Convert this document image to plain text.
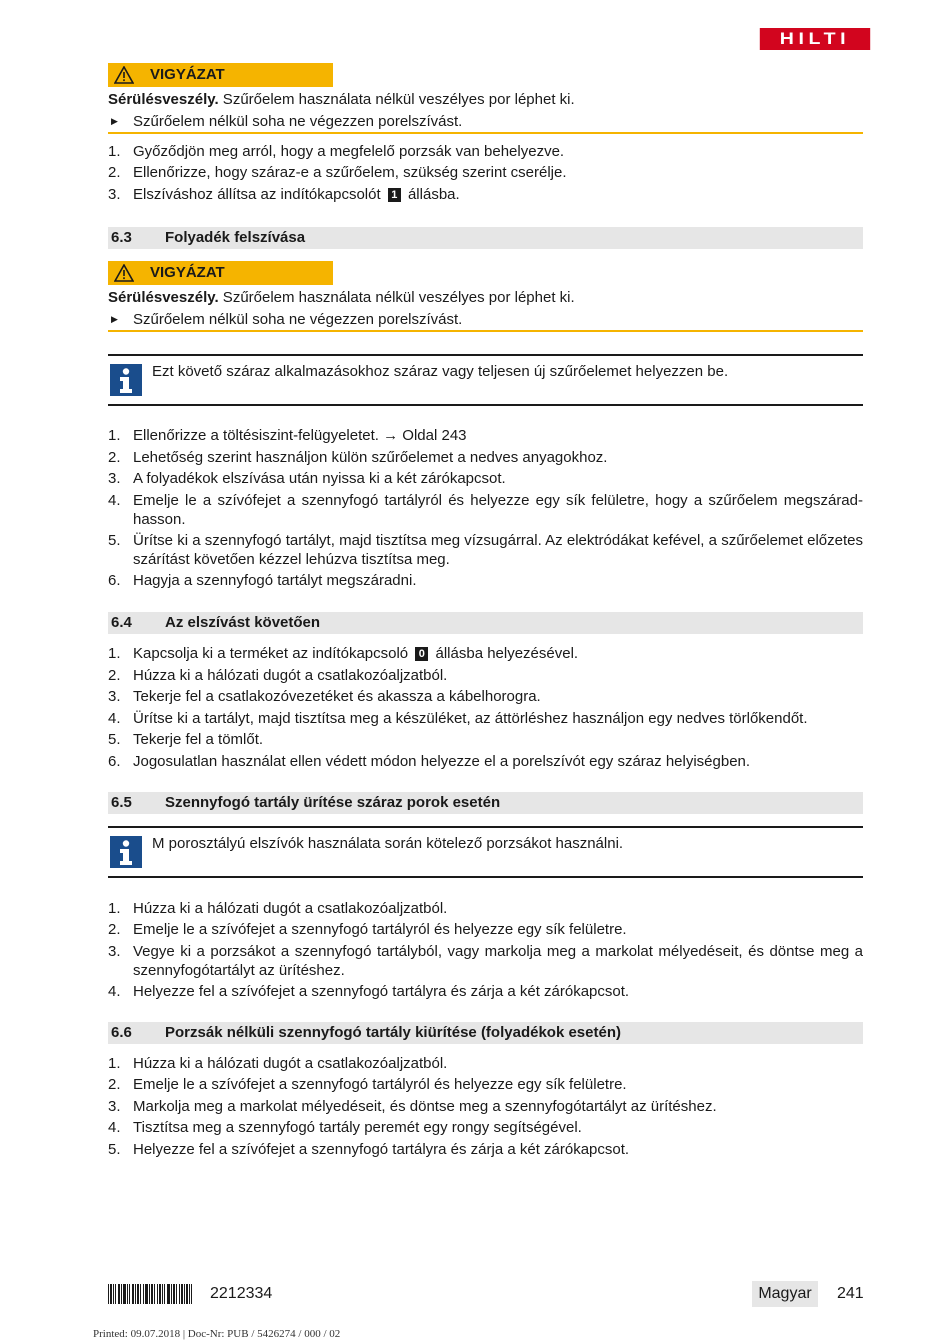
HILTI
VIGYÁZAT
Sérülésveszély. Szűrőelem használata nélkül veszélyes por léphet ki.
▶ Szűrőelem nélkül soha ne végezzen porelszívást.
1. Győződjön meg arról, hogy a megfelelő porzsák van behelyezve.
2. Ellenőrizze, hogy száraz-e a szűrőelem, szükség szerint cserélje.
3. Elszíváshoz állítsa az indítókapcsolót 1 állásba.
6.3 Folyadék felszívása
VIGYÁZAT
Sérülésveszély. Szűrőelem használata nélkül veszélyes por léphet ki.
▶ Szűrőelem nélkül soha ne végezzen porelszívást.
Ezt követő száraz alkalmazásokhoz száraz vagy teljesen új szűrőelemet helyezzen be.
1. Ellenőrizze a töltésiszint-felügyeletet. → Oldal 243
2. Lehetőség szerint használjon külön szűrőelemet a nedves anyagokhoz.
3. A folyadékok elszívása után nyissa ki a két zárókapcsot.
4. Emelje le a szívófejet a szennyfogó tartályról és helyezze egy sík felületre, hogy a szűrőelem megszárad-hasson.
5. Ürítse ki a szennyfogó tartályt, majd tisztítsa meg vízsugárral. Az elektródákat kefével, a szűrőelemet előzetes szárítást követően kézzel lehúzva tisztítsa meg.
6. Hagyja a szennyfogó tartályt megszáradni.
6.4 Az elszívást követően
1. Kapcsolja ki a terméket az indítókapcsoló 0 állásba helyezésével.
2. Húzza ki a hálózati dugót a csatlakozóaljzatból.
3. Tekerje fel a csatlakozóvezetéket és akassza a kábelhorogra.
4. Ürítse ki a tartályt, majd tisztítsa meg a készüléket, az áttörléshez használjon egy nedves törlőkendőt.
5. Tekerje fel a tömlőt.
6. Jogosulatlan használat ellen védett módon helyezze el a porelszívót egy száraz helyiségben.
6.5 Szennyfogó tartály ürítése száraz porok esetén
M porosztályú elszívók használata során kötelező porzsákot használni.
1. Húzza ki a hálózati dugót a csatlakozóaljzatból.
2. Emelje le a szívófejet a szennyfogó tartályról és helyezze egy sík felületre.
3. Vegye ki a porzsákot a szennyfogó tartályból, vagy markolja meg a markolat mélyedéseit, és döntse meg a szennyfogótartályt az ürítéshez.
4. Helyezze fel a szívófejet a szennyfogó tartályra és zárja a két zárókapcsot.
6.6 Porzsák nélküli szennyfogó tartály kiürítése (folyadékok esetén)
1. Húzza ki a hálózati dugót a csatlakozóaljzatból.
2. Emelje le a szívófejet a szennyfogó tartályról és helyezze egy sík felületre.
3. Markolja meg a markolat mélyedéseit, és döntse meg a szennyfogótartályt az ürítéshez.
4. Tisztítsa meg a szennyfogó tartály peremét egy rongy segítségével.
5. Helyezze fel a szívófejet a szennyfogó tartályra és zárja a két zárókapcsot.
2212334	Magyar	241
Printed: 09.07.2018 | Doc-Nr: PUB / 5426274 / 000 / 02
